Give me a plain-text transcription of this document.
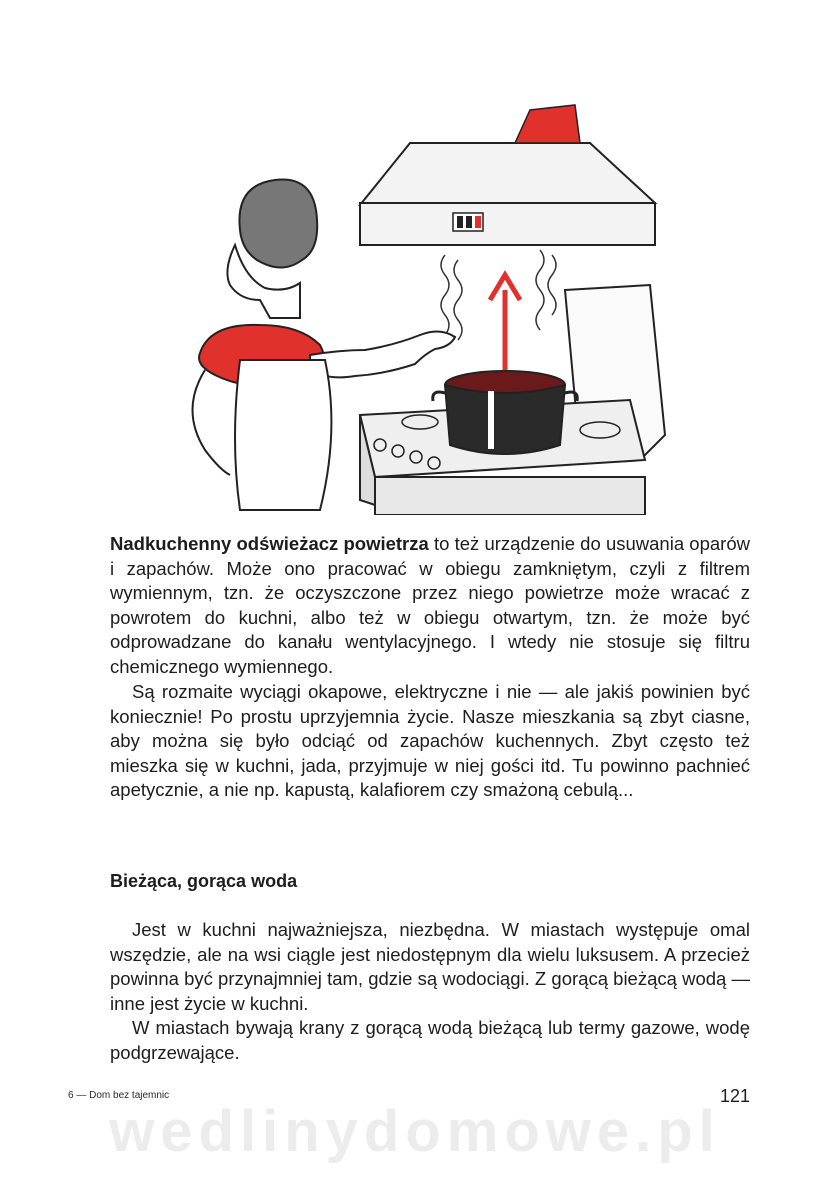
Nadkuchenny odświeżacz powietrza to też urządzenie do usuwania oparów i zapachów. Może ono pracować w obiegu zamkniętym, czyli z filtrem wymiennym, tzn. że oczyszczone przez niego powietrze może wracać z powrotem do kuchni, albo też w obiegu otwartym, tzn. że może być odprowadzane do kanału wentylacyjnego. I wtedy nie stosuje się filtru chemicznego wymiennego.

Są rozmaite wyciągi okapowe, elektryczne i nie — ale jakiś powinien być koniecznie! Po prostu uprzyjemnia życie. Nasze mieszkania są zbyt ciasne, aby można się było odciąć od zapachów kuchennych. Zbyt często też mieszka się w kuchni, jada, przyjmuje w niej gości itd. Tu powinno pachnieć apetycznie, a nie np. kapustą, kalafiorem czy smażoną cebulą...

Bieżąca, gorąca woda

Jest w kuchni najważniejsza, niezbędna. W miastach występuje omal wszędzie, ale na wsi ciągle jest niedostępnym dla wielu luksusem. A przecież powinna być przynajmniej tam, gdzie są wodociągi. Z gorącą bieżącą wodą — inne jest życie w kuchni.

W miastach bywają krany z gorącą wodą bieżącą lub termy gazowe, wodę podgrzewające.

6 — Dom bez tajemnic	121
wedlinydomowe.pl
